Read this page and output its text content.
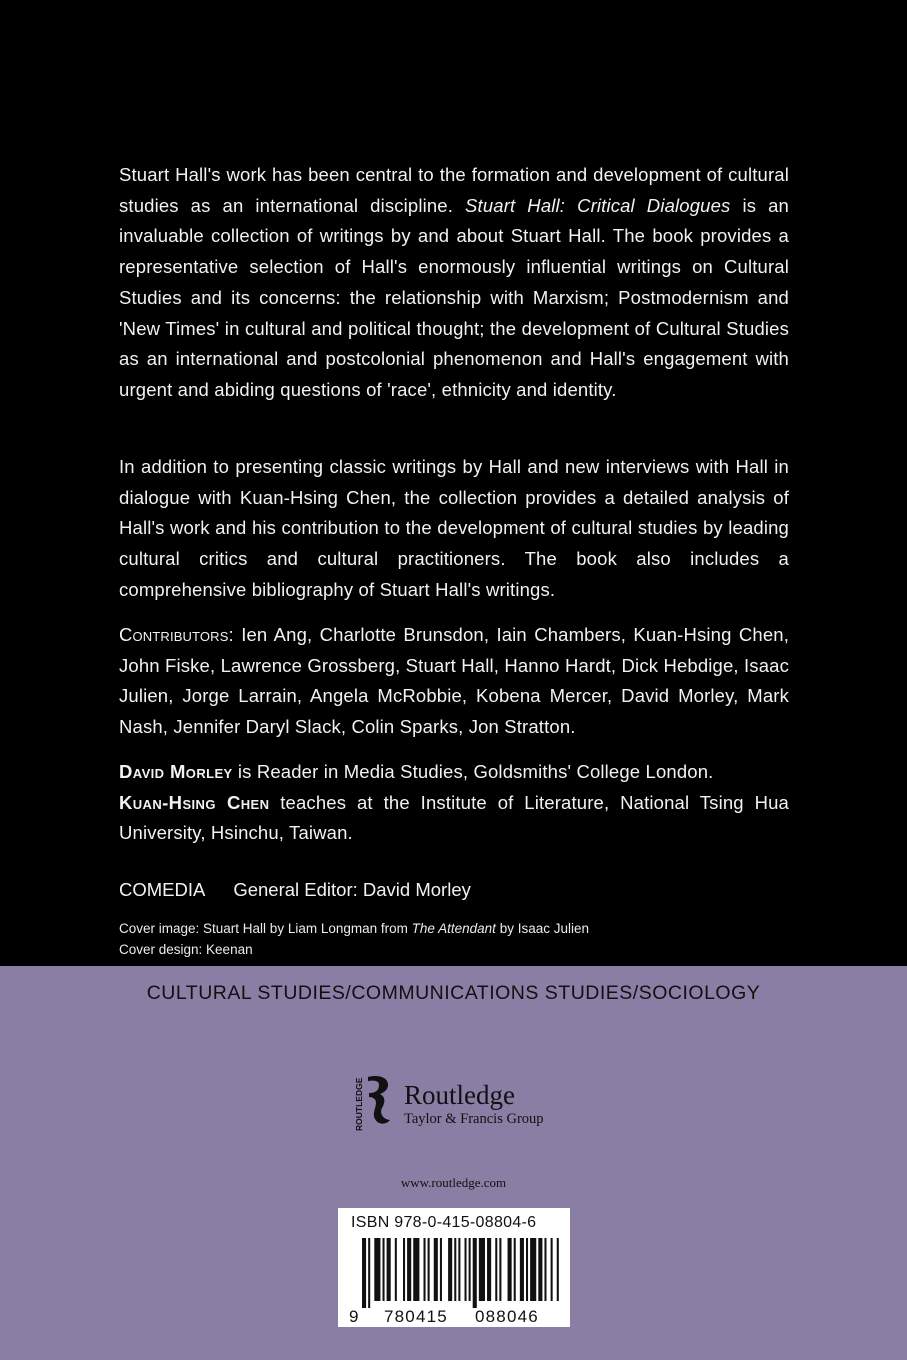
Stuart Hall's work has been central to the formation and development of cultural studies as an international discipline. Stuart Hall: Critical Dialogues is an invaluable collection of writings by and about Stuart Hall. The book provides a representative selection of Hall's enormously influential writings on Cultural Studies and its concerns: the relationship with Marxism; Postmodernism and 'New Times' in cultural and political thought; the development of Cultural Studies as an international and postcolonial phenomenon and Hall's engagement with urgent and abiding questions of 'race', ethnicity and identity.

In addition to presenting classic writings by Hall and new interviews with Hall in dialogue with Kuan-Hsing Chen, the collection provides a detailed analysis of Hall's work and his contribution to the development of cultural studies by leading cultural critics and cultural practitioners. The book also includes a comprehensive bibliography of Stuart Hall's writings.

Contributors: Ien Ang, Charlotte Brunsdon, Iain Chambers, Kuan-Hsing Chen, John Fiske, Lawrence Grossberg, Stuart Hall, Hanno Hardt, Dick Hebdige, Isaac Julien, Jorge Larrain, Angela McRobbie, Kobena Mercer, David Morley, Mark Nash, Jennifer Daryl Slack, Colin Sparks, Jon Stratton.

David Morley is Reader in Media Studies, Goldsmiths' College London.
Kuan-Hsing Chen teaches at the Institute of Literature, National Tsing Hua University, Hsinchu, Taiwan.

COMEDIA General Editor: David Morley
Cover image: Stuart Hall by Liam Longman from The Attendant by Isaac Julien
Cover design: Keenan
CULTURAL STUDIES/COMMUNICATIONS STUDIES/SOCIOLOGY
ROUTLEDGE Routledge
Taylor & Francis Group
www.routledge.com
ISBN 978-0-415-08804-6
9 780415 088046
